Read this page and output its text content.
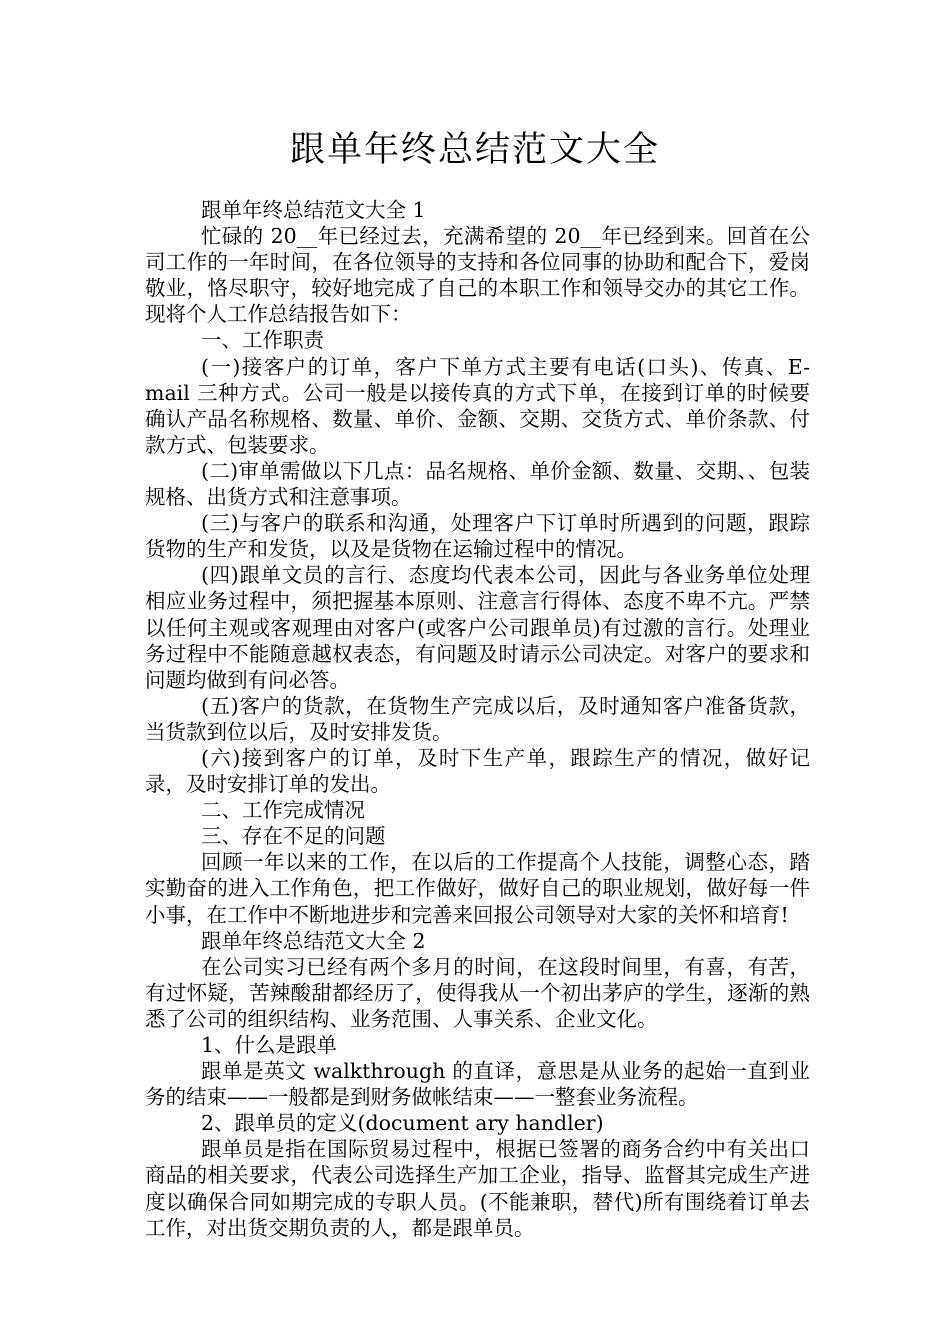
跟单年终总结范文大全

跟单年终总结范文大全 1

忙碌的 20__年已经过去，充满希望的 20__年已经到来。回首在公司工作的一年时间，在各位领导的支持和各位同事的协助和配合下，爱岗敬业，恪尽职守，较好地完成了自己的本职工作和领导交办的其它工作。现将个人工作总结报告如下：

一、工作职责

(一)接客户的订单，客户下单方式主要有电话(口头)、传真、E-mail 三种方式。公司一般是以接传真的方式下单，在接到订单的时候要确认产品名称规格、数量、单价、金额、交期、交货方式、单价条款、付款方式、包装要求。

(二)审单需做以下几点：品名规格、单价金额、数量、交期、、包装规格、出货方式和注意事项。

(三)与客户的联系和沟通，处理客户下订单时所遇到的问题，跟踪货物的生产和发货，以及是货物在运输过程中的情况。

(四)跟单文员的言行、态度均代表本公司，因此与各业务单位处理相应业务过程中，须把握基本原则、注意言行得体、态度不卑不亢。严禁以任何主观或客观理由对客户(或客户公司跟单员)有过激的言行。处理业务过程中不能随意越权表态，有问题及时请示公司决定。对客户的要求和问题均做到有问必答。

(五)客户的货款，在货物生产完成以后，及时通知客户准备货款，当货款到位以后，及时安排发货。

(六)接到客户的订单，及时下生产单，跟踪生产的情况，做好记录，及时安排订单的发出。

二、工作完成情况

三、存在不足的问题

回顾一年以来的工作，在以后的工作提高个人技能，调整心态，踏实勤奋的进入工作角色，把工作做好，做好自己的职业规划，做好每一件小事，在工作中不断地进步和完善来回报公司领导对大家的关怀和培育!

跟单年终总结范文大全 2

在公司实习已经有两个多月的时间，在这段时间里，有喜，有苦，有过怀疑，苦辣酸甜都经历了，使得我从一个初出茅庐的学生，逐渐的熟悉了公司的组织结构、业务范围、人事关系、企业文化。

1、什么是跟单

跟单是英文 walkthrough 的直译，意思是从业务的起始一直到业务的结束——一般都是到财务做帐结束——一整套业务流程。

2、跟单员的定义(document ary handler)

跟单员是指在国际贸易过程中，根据已签署的商务合约中有关出口商品的相关要求，代表公司选择生产加工企业，指导、监督其完成生产进度以确保合同如期完成的专职人员。(不能兼职，替代)所有围绕着订单去工作，对出货交期负责的人，都是跟单员。
